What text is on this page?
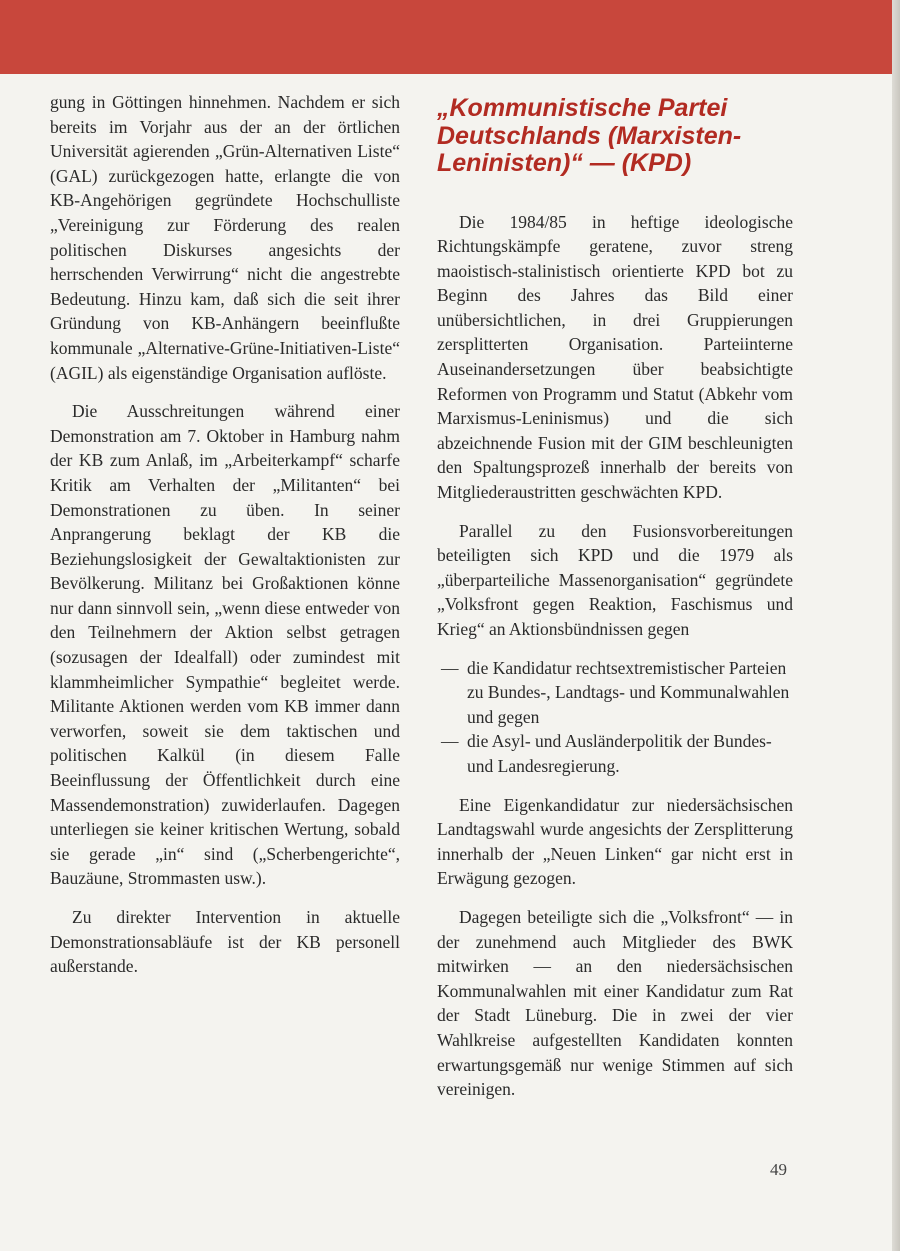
gung in Göttingen hinnehmen. Nachdem er sich bereits im Vorjahr aus der an der örtlichen Universität agierenden „Grün-Alternativen Liste“ (GAL) zurückgezogen hatte, erlangte die von KB-Angehörigen gegründete Hochschulliste „Vereinigung zur Förderung des realen politischen Diskurses angesichts der herrschenden Verwirrung“ nicht die angestrebte Bedeutung. Hinzu kam, daß sich die seit ihrer Gründung von KB-Anhängern beeinflußte kommunale „Alternative-Grüne-Initiativen-Liste“ (AGIL) als eigenständige Organisation auflöste.

Die Ausschreitungen während einer Demonstration am 7. Oktober in Hamburg nahm der KB zum Anlaß, im „Arbeiterkampf“ scharfe Kritik am Verhalten der „Militanten“ bei Demonstrationen zu üben. In seiner Anprangerung beklagt der KB die Beziehungslosigkeit der Gewaltaktionisten zur Bevölkerung. Militanz bei Großaktionen könne nur dann sinnvoll sein, „wenn diese entweder von den Teilnehmern der Aktion selbst getragen (sozusagen der Idealfall) oder zumindest mit klammheimlicher Sympathie“ begleitet werde. Militante Aktionen werden vom KB immer dann verworfen, soweit sie dem taktischen und politischen Kalkül (in diesem Falle Beeinflussung der Öffentlichkeit durch eine Massendemonstration) zuwiderlaufen. Dagegen unterliegen sie keiner kritischen Wertung, sobald sie gerade „in“ sind („Scherbengerichte“, Bauzäune, Strommasten usw.).

Zu direkter Intervention in aktuelle Demonstrationsabläufe ist der KB personell außerstande.

„Kommunistische Partei
Deutschlands (Marxisten-
Leninisten)“ — (KPD)

Die 1984/85 in heftige ideologische Richtungskämpfe geratene, zuvor streng maoistisch-stalinistisch orientierte KPD bot zu Beginn des Jahres das Bild einer unübersichtlichen, in drei Gruppierungen zersplitterten Organisation. Parteiinterne Auseinandersetzungen über beabsichtigte Reformen von Programm und Statut (Abkehr vom Marxismus-Leninismus) und die sich abzeichnende Fusion mit der GIM beschleunigten den Spaltungsprozeß innerhalb der bereits von Mitgliederaustritten geschwächten KPD.

Parallel zu den Fusionsvorbereitungen beteiligten sich KPD und die 1979 als „überparteiliche Massenorganisation“ gegründete „Volksfront gegen Reaktion, Faschismus und Krieg“ an Aktionsbündnissen gegen

— die Kandidatur rechtsextremistischer Parteien zu Bundes-, Landtags- und Kommunalwahlen und gegen
— die Asyl- und Ausländerpolitik der Bundes- und Landesregierung.

Eine Eigenkandidatur zur niedersächsischen Landtagswahl wurde angesichts der Zersplitterung innerhalb der „Neuen Linken“ gar nicht erst in Erwägung gezogen.

Dagegen beteiligte sich die „Volksfront“ — in der zunehmend auch Mitglieder des BWK mitwirken — an den niedersächsischen Kommunalwahlen mit einer Kandidatur zum Rat der Stadt Lüneburg. Die in zwei der vier Wahlkreise aufgestellten Kandidaten konnten erwartungsgemäß nur wenige Stimmen auf sich vereinigen.

49
